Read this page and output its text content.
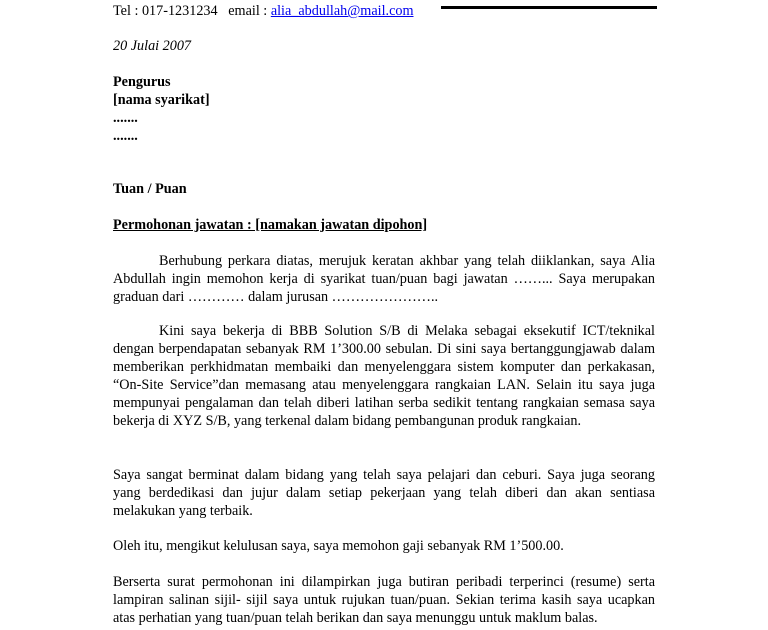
Tel : 017-1231234   email : alia_abdullah@mail.com
20 Julai 2007
Pengurus
[nama syarikat]
.......
.......
Tuan / Puan
Permohonan jawatan : [namakan jawatan dipohon]
Berhubung perkara diatas, merujuk keratan akhbar yang telah diiklankan, saya Alia Abdullah ingin memohon kerja di syarikat tuan/puan bagi jawatan ……... Saya merupakan graduan dari ………… dalam jurusan …………………..
Kini saya bekerja di BBB Solution S/B di Melaka sebagai eksekutif ICT/teknikal dengan berpendapatan sebanyak RM 1’300.00 sebulan. Di sini saya bertanggungjawab dalam memberikan perkhidmatan membaiki dan menyelenggara sistem komputer dan perkakasan, “On-Site Service”dan memasang atau menyelenggara rangkaian LAN. Selain itu saya juga mempunyai pengalaman dan telah diberi latihan serba sedikit tentang rangkaian semasa saya bekerja di XYZ S/B, yang terkenal dalam bidang pembangunan produk rangkaian.
Saya sangat berminat dalam bidang yang telah saya pelajari dan ceburi. Saya juga seorang yang berdedikasi dan jujur dalam setiap pekerjaan yang telah diberi dan akan sentiasa melakukan yang terbaik.
Oleh itu, mengikut kelulusan saya, saya memohon gaji sebanyak RM 1’500.00.
Berserta surat permohonan ini dilampirkan juga butiran peribadi terperinci (resume) serta lampiran salinan sijil- sijil saya untuk rujukan tuan/puan. Sekian terima kasih saya ucapkan atas perhatian yang tuan/puan telah berikan dan saya menunggu untuk maklum balas.
